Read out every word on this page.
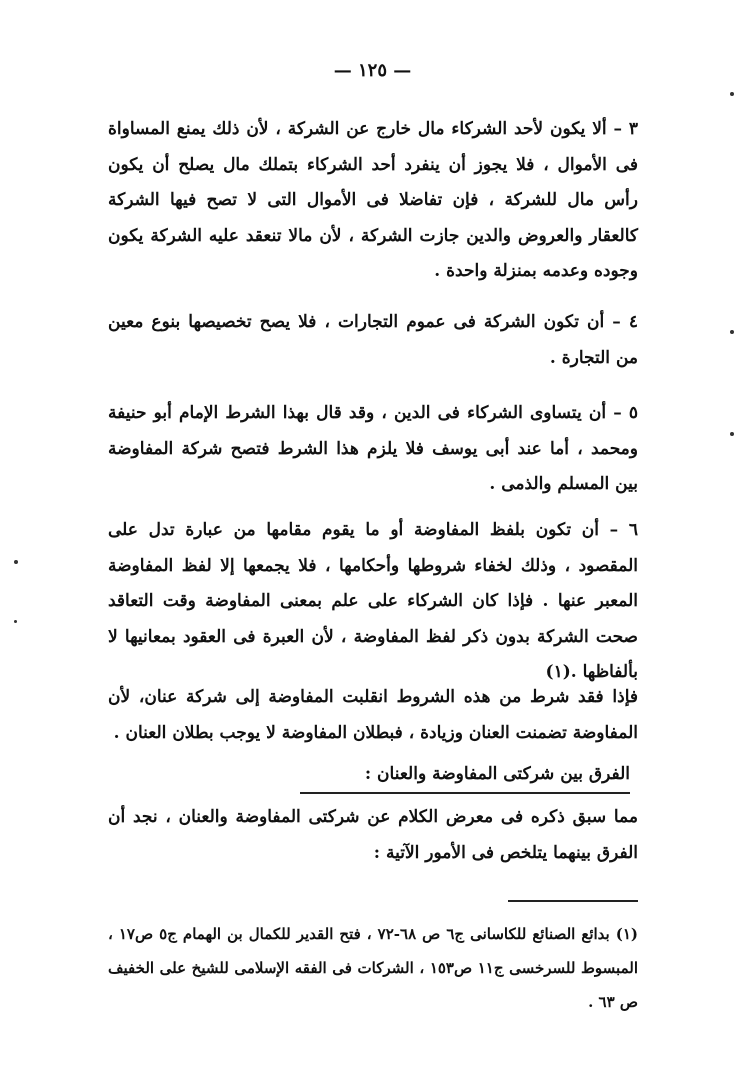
— ١٢٥ —

٣ – ألا يكون لأحد الشركاء مال خارج عن الشركة ، لأن ذلك يمنع المساواة فى الأموال ، فلا يجوز أن ينفرد أحد الشركاء بتملك مال يصلح أن يكون رأس مال للشركة ، فإن تفاضلا فى الأموال التى لا تصح فيها الشركة كالعقار والعروض والدين جازت الشركة ، لأن مالا تنعقد عليه الشركة يكون وجوده وعدمه بمنزلة واحدة .

٤ – أن تكون الشركة فى عموم التجارات ، فلا يصح تخصيصها بنوع معين من التجارة .

٥ – أن يتساوى الشركاء فى الدين ، وقد قال بهذا الشرط الإمام أبو حنيفة ومحمد ، أما عند أبى يوسف فلا يلزم هذا الشرط فتصح شركة المفاوضة بين المسلم والذمى .

٦ – أن تكون بلفظ المفاوضة أو ما يقوم مقامها من عبارة تدل على المقصود ، وذلك لخفاء شروطها وأحكامها ، فلا يجمعها إلا لفظ المفاوضة المعبر عنها . فإذا كان الشركاء على علم بمعنى المفاوضة وقت التعاقد صحت الشركة بدون ذكر لفظ المفاوضة ، لأن العبرة فى العقود بمعانيها لا بألفاظها .(١)

فإذا فقد شرط من هذه الشروط انقلبت المفاوضة إلى شركة عنان، لأن المفاوضة تضمنت العنان وزيادة ، فبطلان المفاوضة لا يوجب بطلان العنان .

الفرق بين شركتى المفاوضة والعنان :

مما سبق ذكره فى معرض الكلام عن شركتى المفاوضة والعنان ، نجد أن الفرق بينهما يتلخص فى الأمور الآتية :

(١) بدائع الصنائع للكاسانى ج٦ ص ٦٨-٧٢ ، فتح القدير للكمال بن الهمام ج٥ ص١٧ ، المبسوط للسرخسى ج١١ ص١٥٣ ، الشركات فى الفقه الإسلامى للشيخ على الخفيف ص ٦٣ .
